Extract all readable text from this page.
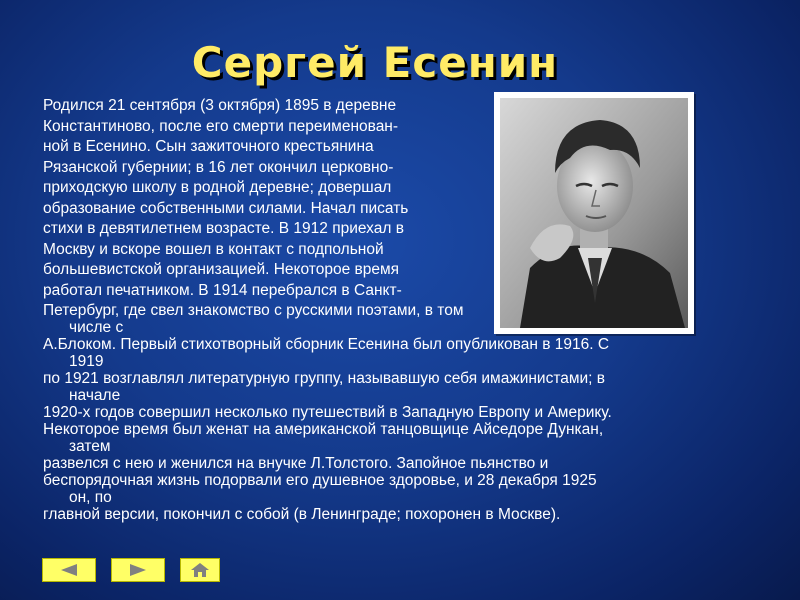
Сергей Есенин
Родился 21 сентября (3 октября) 1895 в деревне
Константиново, после его смерти переименован-
ной в Есенино. Сын зажиточного крестьянина
Рязанской губернии; в 16 лет окончил церковно-
приходскую школу в родной деревне; довершал
образование собственными силами. Начал писать
стихи в девятилетнем возрасте. В 1912 приехал в
Москву и вскоре вошел в контакт с подпольной
большевистской организацией. Некоторое время
работал печатником. В 1914 перебрался в Санкт-
Петербург, где свел знакомство с русскими поэтами, в том
числе с
А.Блоком. Первый стихотворный сборник Есенина был опубликован в 1916. С
1919
по 1921 возглавлял литературную группу, называвшую себя имажинистами; в
начале
1920-х годов совершил несколько путешествий в Западную Европу и Америку.
Некоторое время был женат на американской танцовщице Айседоре Дункан,
затем
развелся с нею и женился на внучке Л.Толстого. Запойное пьянство и
беспорядочная жизнь подорвали его душевное здоровье, и 28 декабря 1925
он, по
главной версии, покончил с собой (в Ленинграде; похоронен в Москве).
